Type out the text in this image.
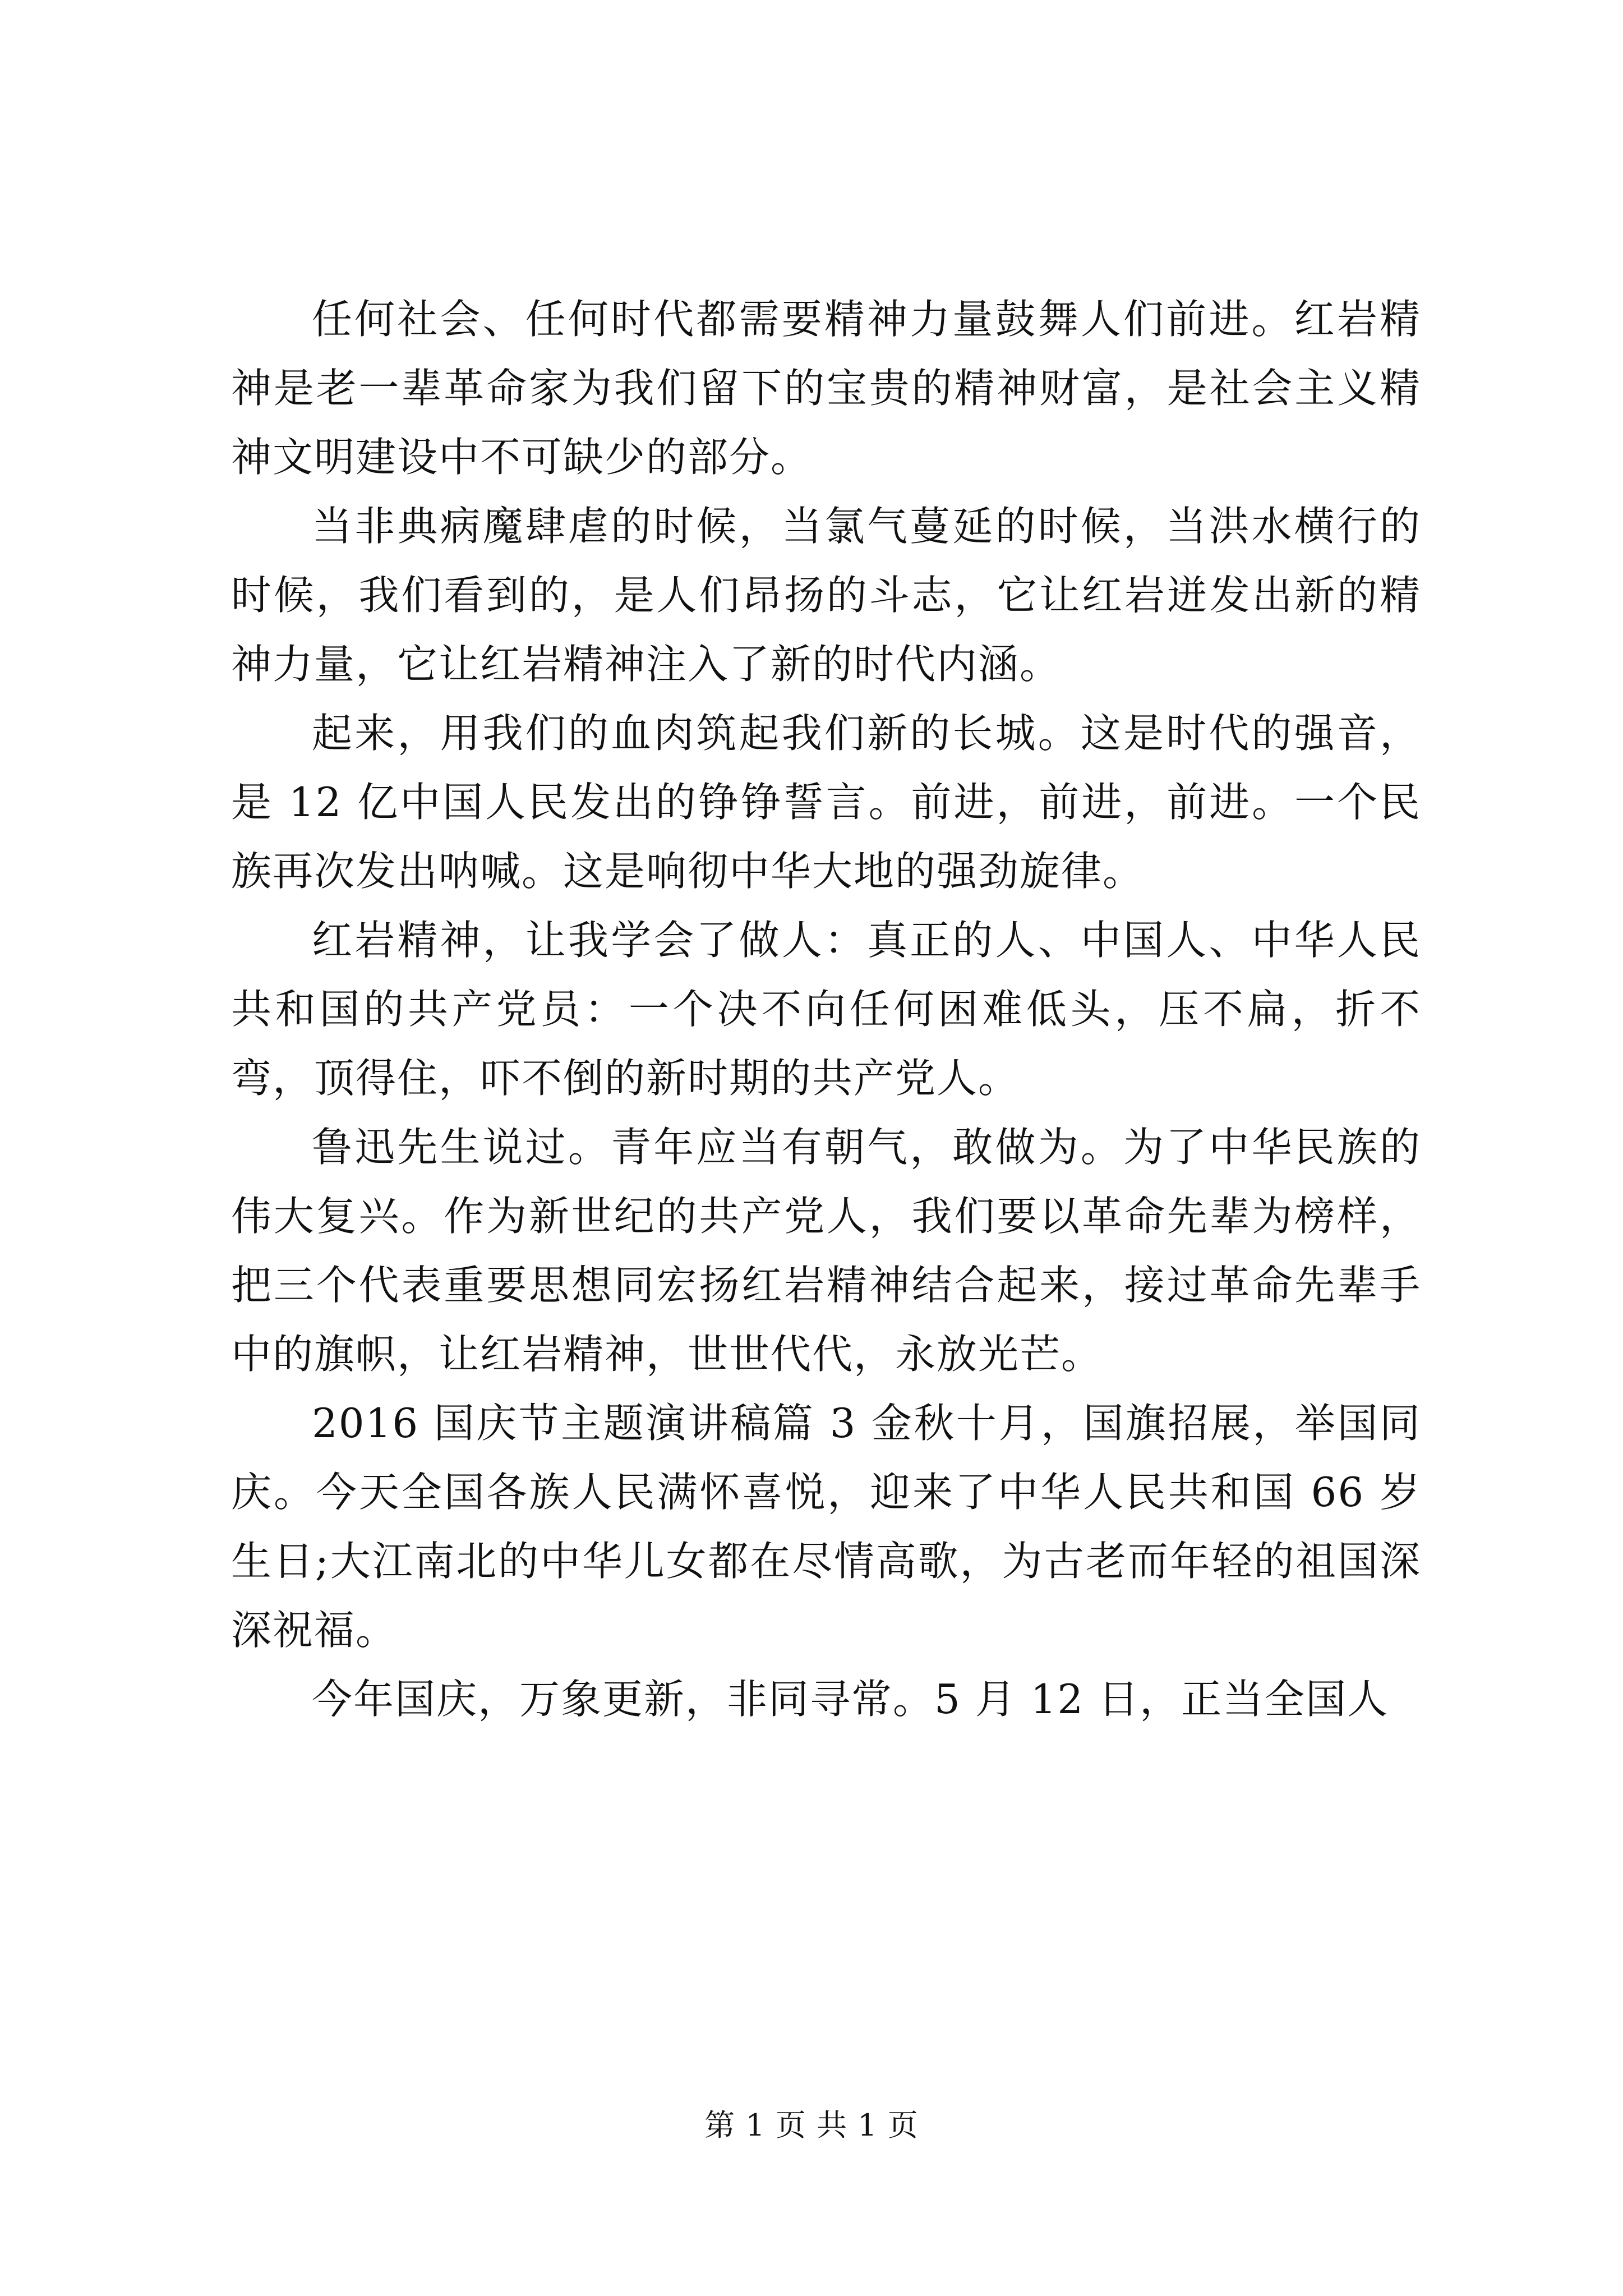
任何社会、任何时代都需要精神力量鼓舞人们前进。红岩精神是老一辈革命家为我们留下的宝贵的精神财富，是社会主义精神文明建设中不可缺少的部分。

当非典病魔肆虐的时候，当氯气蔓延的时候，当洪水横行的时候，我们看到的，是人们昂扬的斗志，它让红岩迸发出新的精神力量，它让红岩精神注入了新的时代内涵。

起来，用我们的血肉筑起我们新的长城。这是时代的强音，是 12 亿中国人民发出的铮铮誓言。前进，前进，前进。一个民族再次发出呐喊。这是响彻中华大地的强劲旋律。

红岩精神，让我学会了做人：真正的人、中国人、中华人民共和国的共产党员：一个决不向任何困难低头，压不扁，折不弯，顶得住，吓不倒的新时期的共产党人。

鲁迅先生说过。青年应当有朝气，敢做为。为了中华民族的伟大复兴。作为新世纪的共产党人，我们要以革命先辈为榜样，把三个代表重要思想同宏扬红岩精神结合起来，接过革命先辈手中的旗帜，让红岩精神，世世代代，永放光芒。

2016 国庆节主题演讲稿篇 3 金秋十月，国旗招展，举国同庆。今天全国各族人民满怀喜悦，迎来了中华人民共和国 66 岁生日;大江南北的中华儿女都在尽情高歌，为古老而年轻的祖国深深祝福。

今年国庆，万象更新，非同寻常。5 月 12 日，正当全国人

第 1 页 共 1 页
